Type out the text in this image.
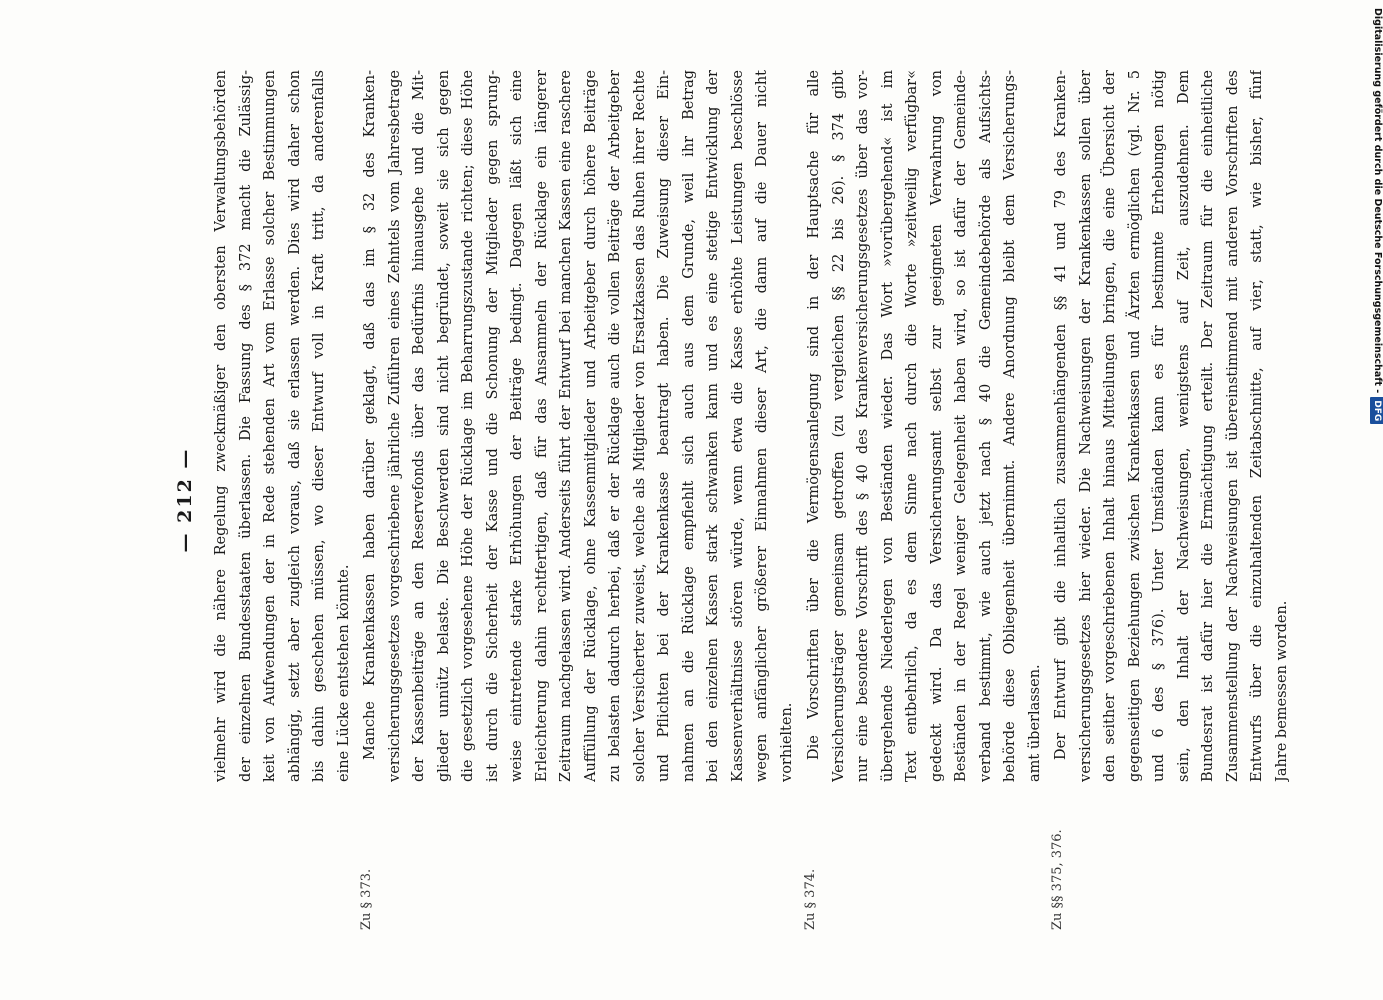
— 212 —	vielmehr wird die nähere Regelung zweckmäßiger den obersten Verwaltungsbehörden der einzelnen Bundesstaaten überlassen. Die Fassung des § 372 macht die Zulässig- keit von Aufwendungen der in Rede stehenden Art vom Erlasse solcher Bestimmungen abhängig, setzt aber zugleich voraus, daß sie erlassen werden. Dies wird daher schon bis dahin geschehen müssen, wo dieser Entwurf voll in Kraft tritt, da anderenfalls eine Lücke entstehen könnte.
Zu § 373.
Manche Krankenkassen haben darüber geklagt, daß das im § 32 des Kranken- versicherungsgesetzes vorgeschriebene jährliche Zuführen eines Zehntels vom Jahresbetrage der Kassenbeiträge an den Reservefonds über das Bedürfnis hinausgehe und die Mit- glieder unnütz belaste. Die Beschwerden sind nicht begründet, soweit sie sich gegen die gesetzlich vorgesehene Höhe der Rücklage im Beharrungszustande richten; diese Höhe ist durch die Sicherheit der Kasse und die Schonung der Mitglieder gegen sprung- weise eintretende starke Erhöhungen der Beiträge bedingt. Dagegen läßt sich eine Erleichterung dahin rechtfertigen, daß für das Ansammeln der Rücklage ein längerer Zeitraum nachgelassen wird. Anderseits führt der Entwurf bei manchen Kassen eine raschere Auffüllung der Rücklage, ohne Kassenmitglieder und Arbeitgeber durch höhere Beiträge zu belasten dadurch herbei, daß er der Rücklage auch die vollen Beiträge der Arbeitgeber solcher Versicherter zuweist, welche als Mitglieder von Ersatzkassen das Ruhen ihrer Rechte und Pflichten bei der Krankenkasse beantragt haben. Die Zuweisung dieser Ein- nahmen an die Rücklage empfiehlt sich auch aus dem Grunde, weil ihr Betrag bei den einzelnen Kassen stark schwanken kann und es eine stetige Entwicklung der Kassenverhältnisse stören würde, wenn etwa die Kasse erhöhte Leistungen beschlösse wegen anfänglicher größerer Einnahmen dieser Art, die dann auf die Dauer nicht vorhielten.
Zu § 374.
Die Vorschriften über die Vermögensanlegung sind in der Hauptsache für alle Versicherungsträger gemeinsam getroffen (zu vergleichen §§ 22 bis 26). § 374 gibt nur eine besondere Vorschrift des § 40 des Krankenversicherungsgesetzes über das vor- übergehende Niederlegen von Beständen wieder. Das Wort »vorübergehend« ist im Text entbehrlich, da es dem Sinne nach durch die Worte »zeitweilig verfügbar« gedeckt wird. Da das Versicherungsamt selbst zur geeigneten Verwahrung von Beständen in der Regel weniger Gelegenheit haben wird, so ist dafür der Gemeinde- verband bestimmt, wie auch jetzt nach § 40 die Gemeindebehörde als Aufsichts- behörde diese Obliegenheit übernimmt. Andere Anordnung bleibt dem Versicherungs- amt überlassen.
Zu §§ 375, 376.
Der Entwurf gibt die inhaltlich zusammenhängenden §§ 41 und 79 des Kranken- versicherungsgesetzes hier wieder. Die Nachweisungen der Krankenkassen sollen über den seither vorgeschriebenen Inhalt hinaus Mitteilungen bringen, die eine Übersicht der gegenseitigen Beziehungen zwischen Krankenkassen und Ärzten ermöglichen (vgl. Nr. 5 und 6 des § 376). Unter Umständen kann es für bestimmte Erhebungen nötig sein, den Inhalt der Nachweisungen, wenigstens auf Zeit, auszudehnen. Dem Bundesrat ist dafür hier die Ermächtigung erteilt. Der Zeitraum für die einheitliche Zusammenstellung der Nachweisungen ist übereinstimmend mit anderen Vorschriften des Entwurfs über die einzuhaltenden Zeitabschnitte, auf vier, statt, wie bisher, fünf Jahre bemessen worden.
Digitalisierung gefördert durch die Deutsche Forschungsgemeinschaft -
DFG
